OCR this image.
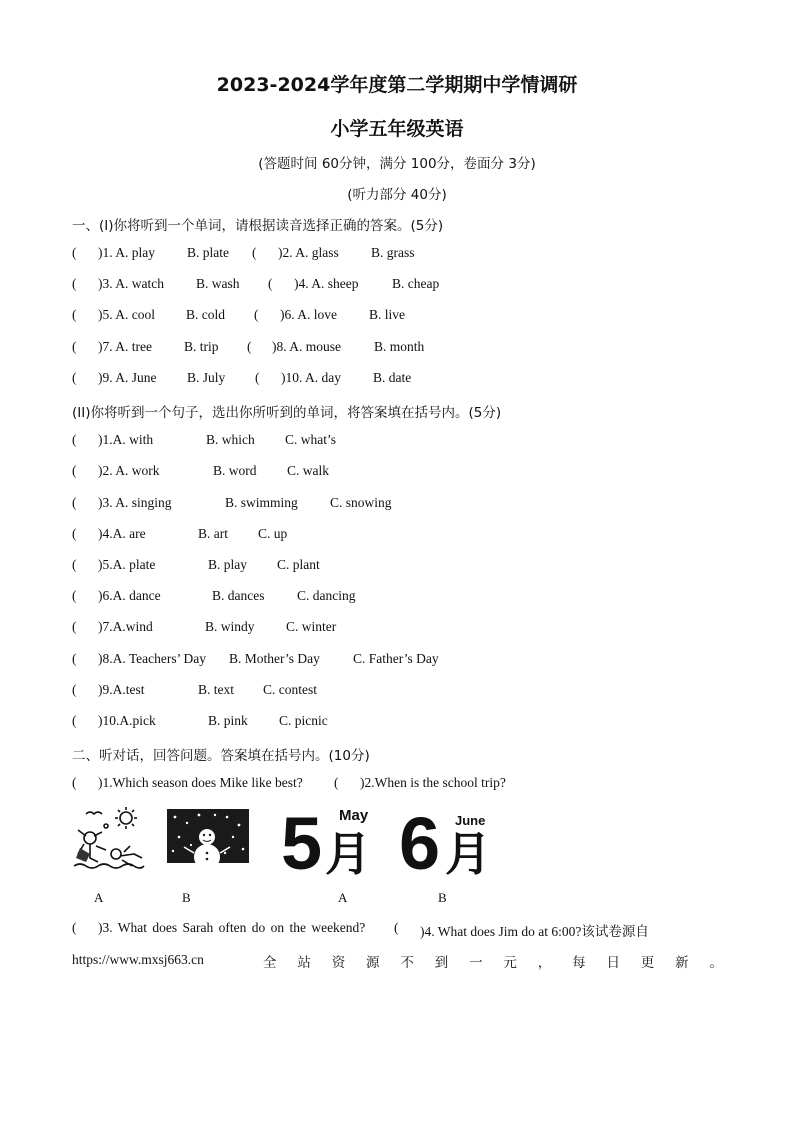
2023-2024学年度第二学期期中学情调研
小学五年级英语
(答题时间 60分钟，满分 100分，卷面分 3分)
(听力部分 40分)
一、(I)你将听到一个单词，请根据读音选择正确的答案。(5分)
( )1. A. play B. plate ( )2. A. glass B. grass
( )3. A. watch B. wash ( )4. A. sheep B. cheap
( )5. A. cool B. cold ( )6. A. love B. live
( )7. A. tree B. trip ( )8. A. mouse B. month
( )9. A. June B. July ( )10. A. day B. date
(II)你将听到一个句子，选出你所听到的单词，将答案填在括号内。(5分)
( )1.A. with	B. which C. what’s
( )2. A. work	B. word C. walk
( )3. A. singing	B. swimming C. snowing
( )4.A. are	B. art C. up
( )5.A. plate	B. play C. plant
( )6.A. dance	B. dances C. dancing
( )7.A.wind	B. windy C. winter
( )8.A. Teachers’ Day B. Mother’s Day C. Father’s Day
( )9.A.test	B. text C. contest
( )10.A.pick	B. pink C. picnic
二、听对话，回答问题。答案填在括号内。(10分)
( )1.Which season does Mike like best? ( )2.When is the school trip?
5 月
May 6 月
June
A	B	A	B
( )3. What does Sarah often do on the weekend? ( )4. What does Jim do at 6:00?该试卷源自
https://www.mxsj663.cn	全 站 资 源 不 到 一 元 ， 每 日 更 新 。
